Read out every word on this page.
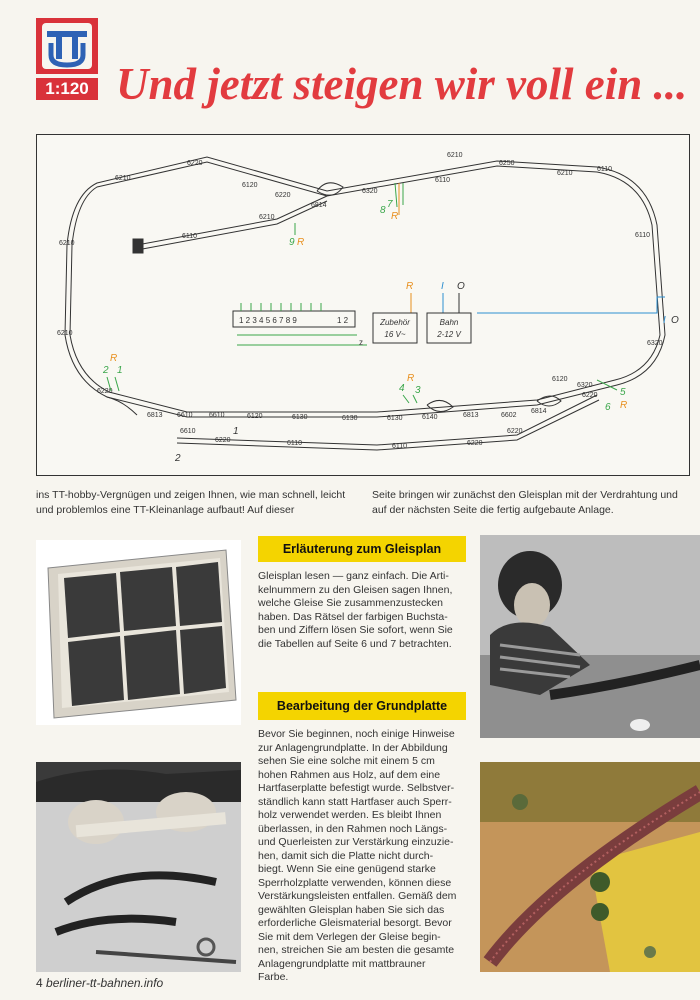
1:120 Und jetzt steigen wir voll ein ...
6220
6210
6120
6220
6320
6814
6110
6210
6250
6210
6110
6110
6210
6210
6320
6220
6813 6610 6610	6120	6130	6130	6130	6140	6813	6602
6814
6120
6220
6220
6110	6110	6220
6610
6220
6110
6210
6320
8
7
R
9 R
2 1
R
4 3
R
5
6 R
1
2
R	I O
I O
1 2 3 4 5 6 7 8 9	1 2
z
Zubehör
16 V~
Bahn
2-12 V
ins TT-hobby-Vergnügen und zeigen Ihnen, wie man schnell, leicht und problemlos eine TT-Kleinanlage aufbaut! Auf dieser
Seite bringen wir zunächst den Gleisplan mit der Verdrahtung und auf der nächsten Seite die fertig aufgebaute Anlage.
Erläuterung zum Gleisplan
Gleisplan lesen — ganz einfach. Die Arti-
kelnummern zu den Gleisen sagen Ihnen,
welche Gleise Sie zusammenzustecken
haben. Das Rätsel der farbigen Buchsta-
ben und Ziffern lösen Sie sofort, wenn Sie
die Tabellen auf Seite 6 und 7 betrachten.
Bearbeitung der Grundplatte
Bevor Sie beginnen, noch einige Hinweise
zur Anlagengrundplatte. In der Abbildung
sehen Sie eine solche mit einem 5 cm
hohen Rahmen aus Holz, auf dem eine
Hartfaserplatte befestigt wurde. Selbstver-
ständlich kann statt Hartfaser auch Sperr-
holz verwendet werden. Es bleibt Ihnen
überlassen, in den Rahmen noch Längs-
und Querleisten zur Verstärkung einzuzie-
hen, damit sich die Platte nicht durch-
biegt. Wenn Sie eine genügend starke
Sperrholzplatte verwenden, können diese
Verstärkungsleisten entfallen. Gemäß dem
gewählten Gleisplan haben Sie sich das
erforderliche Gleismaterial besorgt. Bevor
Sie mit dem Verlegen der Gleise begin-
nen, streichen Sie am besten die gesamte
Anlagengrundplatte mit mattbrauner
Farbe.
4 berliner-tt-bahnen.info
